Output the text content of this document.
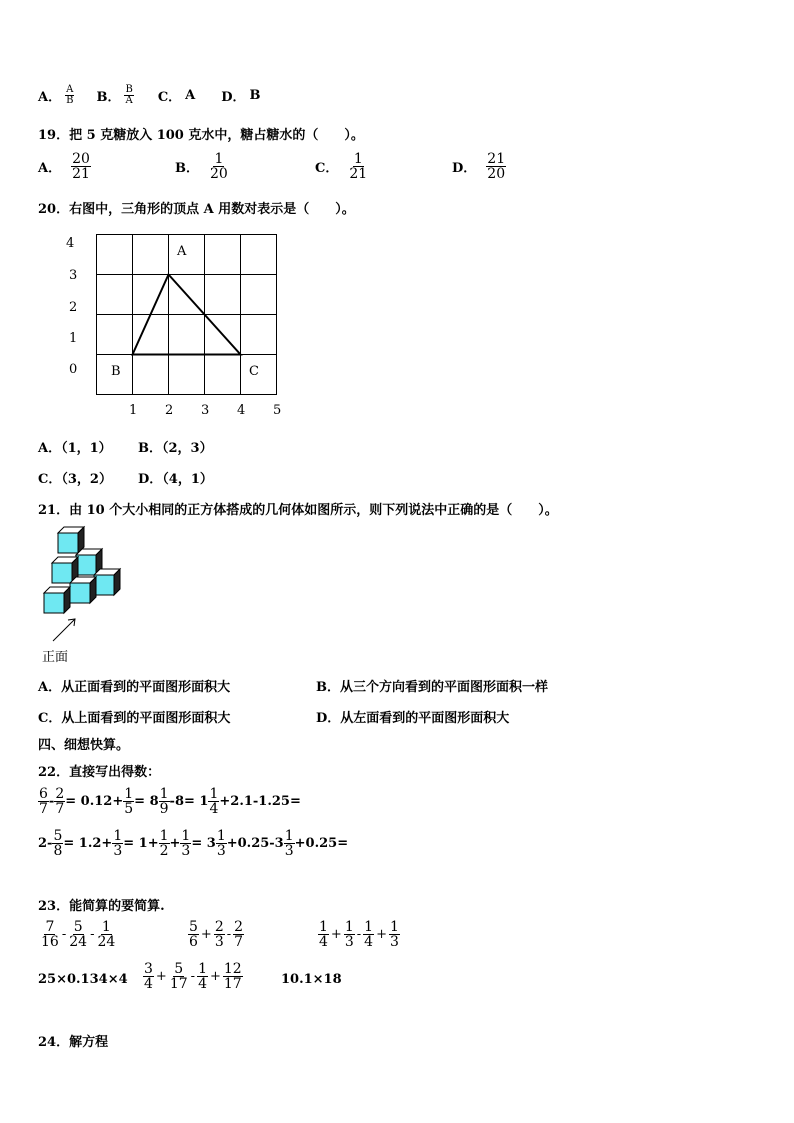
A． $\frac{A}{B}$ B． $\frac{B}{A}$ C． A D． B
19．把 5 克糖放入 100 克水中，糖占糖水的（　　）。
A． $\frac{20}{21}$	B． $\frac{1}{20}$	C． $\frac{1}{21}$	D． $\frac{21}{20}$
20．右图中，三角形的顶点 A 用数对表示是（　　）。
4
3
2
1
0
1 2 3 4 5
A
B	C
A．（1，1） B．（2，3）
C．（3，2） D．（4，1）
21．由 10 个大小相同的正方体搭成的几何体如图所示，则下列说法中正确的是（　　）。
正面
A．从正面看到的平面图形面积大	B．从三个方向看到的平面图形面积一样
C．从上面看到的平面图形面积大	D．从左面看到的平面图形面积大
四、细想快算。
22．直接写出得数：
$\frac{6}{7} - \frac{2}{7} = 0.12+ \frac{1}{5} = 8 \frac{1}{9} -8= 1 \frac{1}{4} +2.1-1.25=$
$2- \frac{5}{8} = 1.2+ \frac{1}{3} = 1+ \frac{1}{2} + \frac{1}{3} = 3 \frac{1}{3} +0.25-3 \frac{1}{3} +0.25=$
23．能简算的要简算.
$\frac{7}{16} - \frac{5}{24} - \frac{1}{24}$	$\frac{5}{6} + \frac{2}{3} - \frac{2}{7}$	$\frac{1}{4} + \frac{1}{3} - \frac{1}{4} + \frac{1}{3}$
$25\times 0.134\times 4 \frac{3}{4} + \frac{5}{17} - \frac{1}{4} + \frac{12}{17}$	10.1×18
24．解方程
